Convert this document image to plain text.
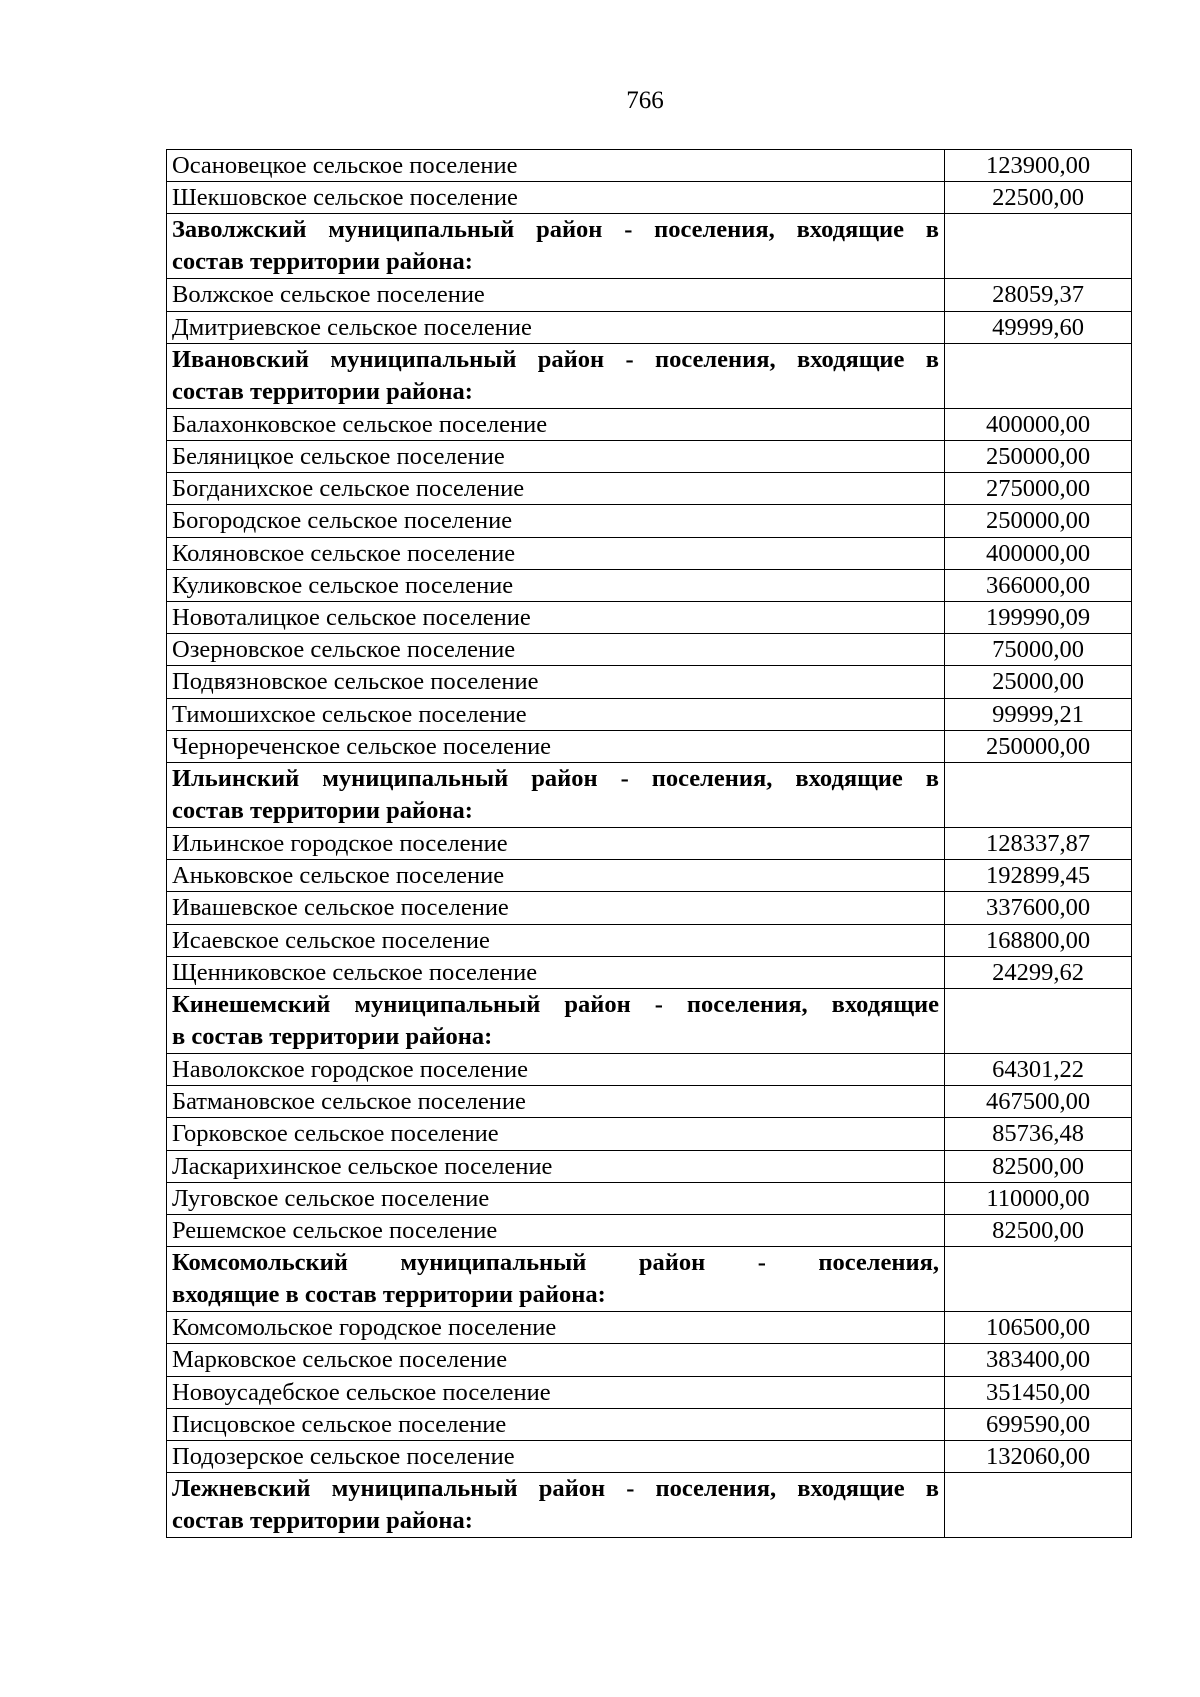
766
Осановецкое сельское поселение	123900,00
Шекшовское сельское поселение	22500,00
Заволжский муниципальный район - поселения, входящие в
состав территории района:	

Волжское сельское поселение	28059,37
Дмитриевское сельское поселение	49999,60
Ивановский муниципальный район - поселения, входящие в
состав территории района:	

Балахонковское сельское поселение	400000,00
Беляницкое сельское поселение	250000,00
Богданихское сельское поселение	275000,00
Богородское сельское поселение	250000,00
Коляновское сельское поселение	400000,00
Куликовское сельское поселение	366000,00
Новоталицкое сельское поселение	199990,09
Озерновское сельское поселение	75000,00
Подвязновское сельское поселение	25000,00
Тимошихское сельское поселение	99999,21
Чернореченское сельское поселение	250000,00
Ильинский муниципальный район - поселения, входящие в
состав территории района:	

Ильинское городское поселение	128337,87
Аньковское сельское поселение	192899,45
Ивашевское сельское поселение	337600,00
Исаевское сельское поселение	168800,00
Щенниковское сельское поселение	24299,62
Кинешемский муниципальный район - поселения, входящие
в состав территории района:	

Наволокское городское поселение	64301,22
Батмановское сельское поселение	467500,00
Горковское сельское поселение	85736,48
Ласкарихинское сельское поселение	82500,00
Луговское сельское поселение	110000,00
Решемское сельское поселение	82500,00
Комсомольский муниципальный район - поселения,
входящие в состав территории района:	

Комсомольское городское поселение	106500,00
Марковское сельское поселение	383400,00
Новоусадебское сельское поселение	351450,00
Писцовское сельское поселение	699590,00
Подозерское сельское поселение	132060,00
Лежневский муниципальный район - поселения, входящие в
состав территории района:	
